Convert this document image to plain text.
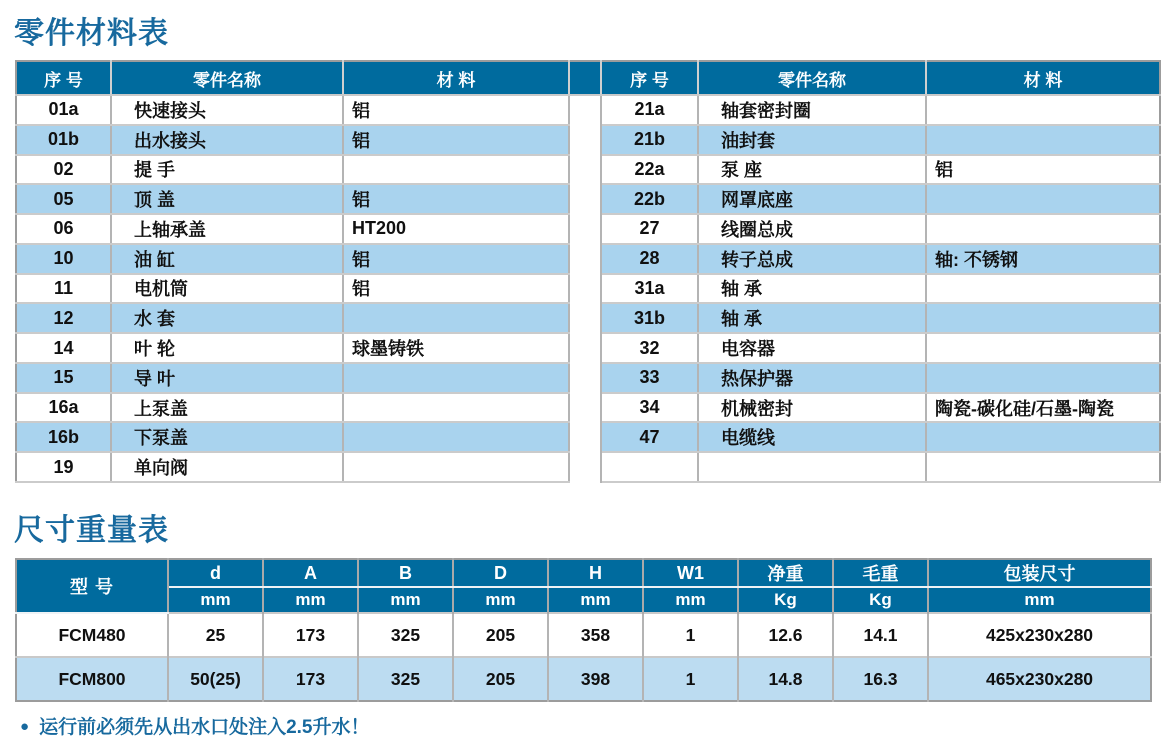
零件材料表
序 号	零件名称	材 料		序 号	零件名称	材 料
01a	快速接头	铝		21a	轴套密封圈	
01b	出水接头	铝		21b	油封套	
02	提 手			22a	泵 座	铝
05	顶 盖	铝		22b	网罩底座	
06	上轴承盖	HT200		27	线圈总成	
10	油 缸	铝		28	转子总成	轴: 不锈钢
11	电机筒	铝		31a	轴 承	
12	水 套			31b	轴 承	
14	叶 轮	球墨铸铁		32	电容器	
15	导 叶			33	热保护器	
16a	上泵盖			34	机械密封	陶瓷-碳化硅/石墨-陶瓷
16b	下泵盖			47	电缆线	
19	单向阀					
尺寸重量表
型 号	d	A	B	D	H	W1	净重	毛重	包装尺寸
	mm	mm	mm	mm	mm	mm	Kg	Kg	mm
FCM480	25	173	325	205	358	1	12.6	14.1	425x230x280
FCM800	50(25)	173	325	205	398	1	14.8	16.3	465x230x280
● 运行前必须先从出水口处注入2.5升水！
